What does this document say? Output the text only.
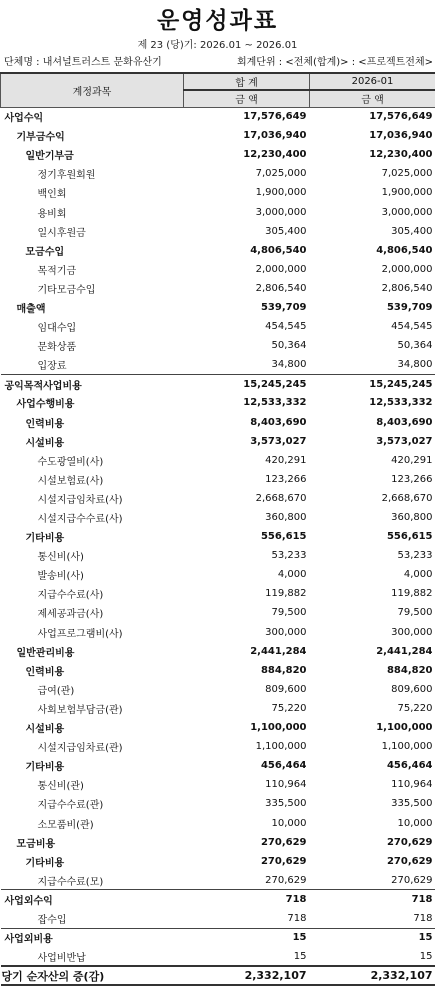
운영성과표
제 23 (당)기: 2026.01 ~ 2026.01
단체명 : 내셔널트러스트 문화유산기	회계단위 : <전체(합계)> : <프로젝트전체>
계정과목	합 계	2026-01
	금 액	금 액
사업수익	17,576,649	17,576,649
기부금수익	17,036,940	17,036,940
일반기부금	12,230,400	12,230,400
정기후원회원	7,025,000	7,025,000
백인회	1,900,000	1,900,000
용비회	3,000,000	3,000,000
일시후원금	305,400	305,400
모금수입	4,806,540	4,806,540
목적기금	2,000,000	2,000,000
기타모금수입	2,806,540	2,806,540
매출액	539,709	539,709
임대수입	454,545	454,545
문화상품	50,364	50,364
입장료	34,800	34,800
공익목적사업비용	15,245,245	15,245,245
사업수행비용	12,533,332	12,533,332
인력비용	8,403,690	8,403,690
시설비용	3,573,027	3,573,027
수도광열비(사)	420,291	420,291
시설보험료(사)	123,266	123,266
시설지급임차료(사)	2,668,670	2,668,670
시설지급수수료(사)	360,800	360,800
기타비용	556,615	556,615
통신비(사)	53,233	53,233
발송비(사)	4,000	4,000
지급수수료(사)	119,882	119,882
제세공과금(사)	79,500	79,500
사업프로그램비(사)	300,000	300,000
일반관리비용	2,441,284	2,441,284
인력비용	884,820	884,820
급여(관)	809,600	809,600
사회보험부담금(관)	75,220	75,220
시설비용	1,100,000	1,100,000
시설지급임차료(관)	1,100,000	1,100,000
기타비용	456,464	456,464
통신비(관)	110,964	110,964
지급수수료(관)	335,500	335,500
소모품비(관)	10,000	10,000
모금비용	270,629	270,629
기타비용	270,629	270,629
지급수수료(모)	270,629	270,629
사업외수익	718	718
잡수입	718	718
사업외비용	15	15
사업비반납	15	15
당기 순자산의 증(감)	2,332,107	2,332,107
